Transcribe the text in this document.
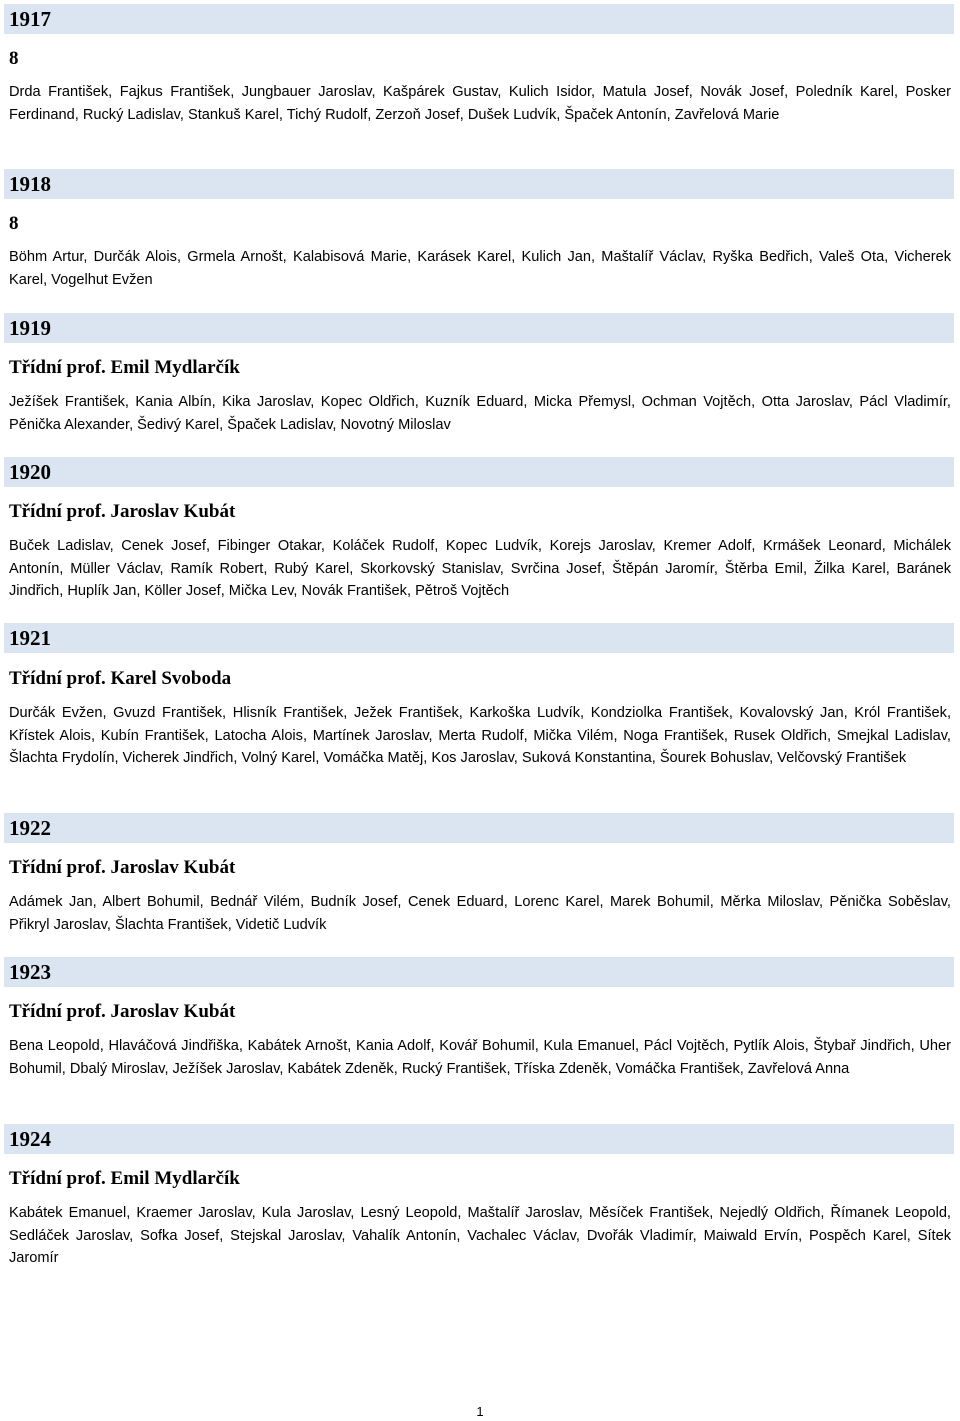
1917
8
Drda František, Fajkus František, Jungbauer Jaroslav, Kašpárek Gustav, Kulich Isidor, Matula Josef, Novák Josef, Poledník Karel, Posker Ferdinand, Rucký Ladislav, Stankuš Karel, Tichý Rudolf, Zerzoň Josef, Dušek Ludvík, Špaček Antonín, Zavřelová Marie
1918
8
Böhm Artur, Durčák Alois, Grmela Arnošt, Kalabisová Marie, Karásek Karel, Kulich Jan, Maštalíř Václav, Ryška Bedřich, Valeš Ota, Vicherek Karel, Vogelhut Evžen
1919
Třídní prof. Emil Mydlarčík
Ježíšek František, Kania Albín, Kika Jaroslav, Kopec Oldřich, Kuzník Eduard, Micka Přemysl, Ochman Vojtěch, Otta Jaroslav, Pácl Vladimír, Pěnička Alexander, Šedivý Karel, Špaček Ladislav, Novotný Miloslav
1920
Třídní prof. Jaroslav Kubát
Buček Ladislav, Cenek Josef, Fibinger Otakar, Koláček Rudolf, Kopec Ludvík, Korejs Jaroslav, Kremer Adolf, Krmášek Leonard, Michálek Antonín, Müller Václav, Ramík Robert, Rubý Karel, Skorkovský Stanislav, Svrčina Josef, Štěpán Jaromír, Štěrba Emil, Žilka Karel, Baránek Jindřich, Huplík Jan, Köller Josef, Mička Lev, Novák František, Pětroš Vojtěch
1921
Třídní prof. Karel Svoboda
Durčák Evžen, Gvuzd František, Hlisník František, Ježek František, Karkoška Ludvík, Kondziolka František, Kovalovský Jan, Król František, Křístek Alois, Kubín František, Latocha Alois, Martínek Jaroslav, Merta Rudolf, Mička Vilém, Noga František, Rusek Oldřich, Smejkal Ladislav, Šlachta Frydolín, Vicherek Jindřich, Volný Karel, Vomáčka Matěj, Kos Jaroslav, Suková Konstantina, Šourek Bohuslav, Velčovský František
1922
Třídní prof. Jaroslav Kubát
Adámek Jan, Albert Bohumil, Bednář Vilém, Budník Josef, Cenek Eduard, Lorenc Karel, Marek Bohumil, Měrka Miloslav, Pěnička Soběslav, Přikryl Jaroslav, Šlachta František, Videtič Ludvík
1923
Třídní prof. Jaroslav Kubát
Bena Leopold, Hlaváčová Jindřiška, Kabátek Arnošt, Kania Adolf, Kovář Bohumil, Kula Emanuel, Pácl Vojtěch, Pytlík Alois, Štybař Jindřich, Uher Bohumil, Dbalý Miroslav, Ježíšek Jaroslav, Kabátek Zdeněk, Rucký František, Tříska Zdeněk, Vomáčka František, Zavřelová Anna
1924
Třídní prof. Emil Mydlarčík
Kabátek Emanuel, Kraemer Jaroslav, Kula Jaroslav, Lesný Leopold, Maštalíř Jaroslav, Měsíček František, Nejedlý Oldřich, Římanek Leopold, Sedláček Jaroslav, Sofka Josef, Stejskal Jaroslav, Vahalík Antonín, Vachalec Václav, Dvořák Vladimír, Maiwald Ervín, Pospěch Karel, Sítek Jaromír
1
